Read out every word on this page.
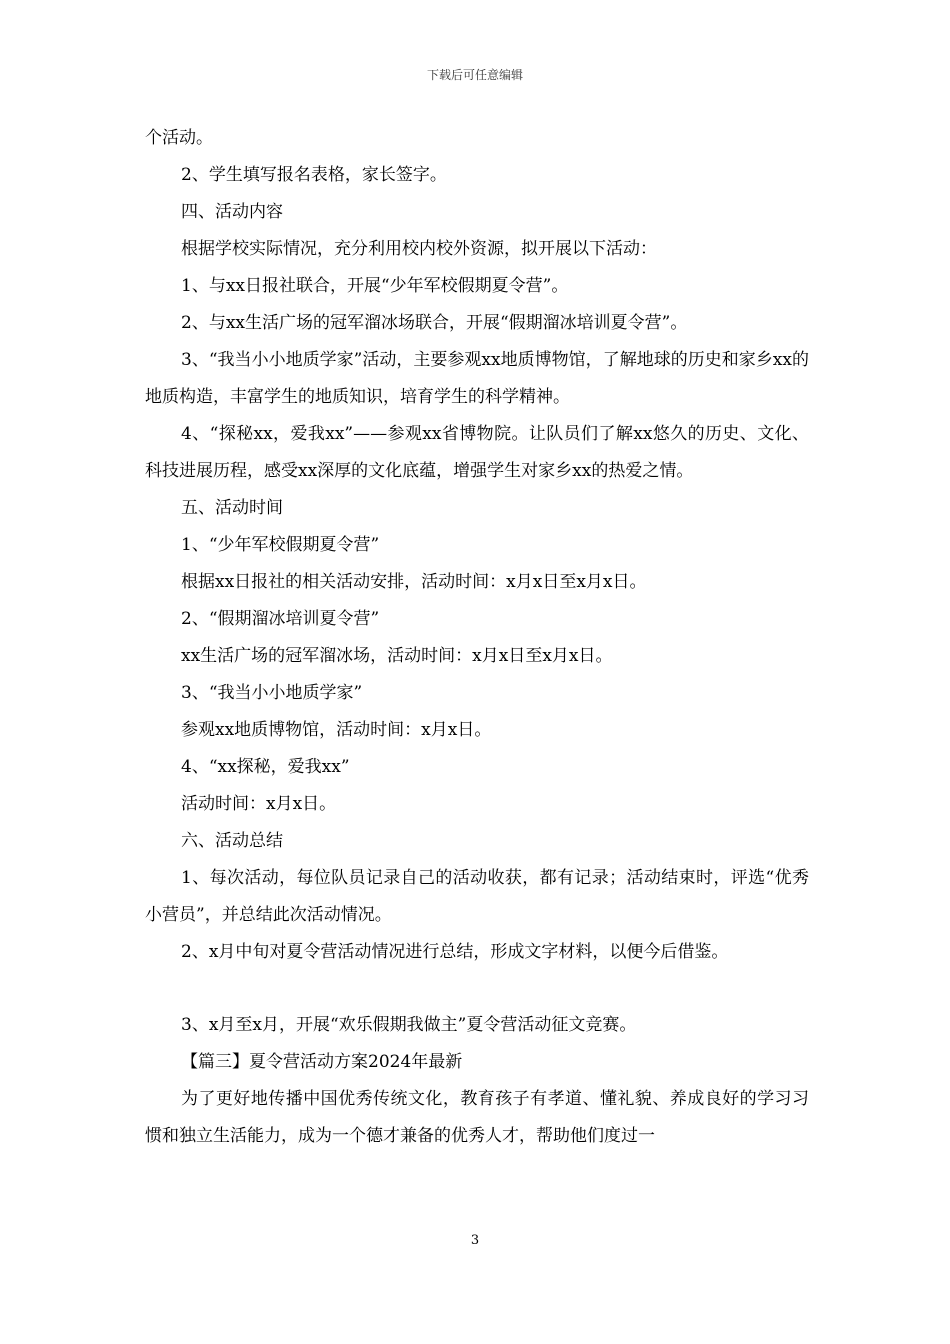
下载后可任意编辑

个活动。

2、学生填写报名表格，家长签字。

四、活动内容

根据学校实际情况，充分利用校内校外资源，拟开展以下活动：

1、与xx日报社联合，开展“少年军校假期夏令营”。

2、与xx生活广场的冠军溜冰场联合，开展“假期溜冰培训夏令营”。

3、“我当小小地质学家”活动，主要参观xx地质博物馆，了解地球的历史和家乡xx的地质构造，丰富学生的地质知识，培育学生的科学精神。

4、“探秘xx，爱我xx”——参观xx省博物院。让队员们了解xx悠久的历史、文化、科技进展历程，感受xx深厚的文化底蕴，增强学生对家乡xx的热爱之情。

五、活动时间

1、“少年军校假期夏令营”

根据xx日报社的相关活动安排，活动时间：x月x日至x月x日。

2、“假期溜冰培训夏令营”

xx生活广场的冠军溜冰场，活动时间：x月x日至x月x日。

3、“我当小小地质学家”

参观xx地质博物馆，活动时间：x月x日。

4、“xx探秘，爱我xx”

活动时间：x月x日。

六、活动总结

1、每次活动，每位队员记录自己的活动收获，都有记录；活动结束时，评选“优秀小营员”，并总结此次活动情况。

2、x月中旬对夏令营活动情况进行总结，形成文字材料，以便今后借鉴。

3、x月至x月，开展“欢乐假期我做主”夏令营活动征文竞赛。

【篇三】夏令营活动方案2024年最新

为了更好地传播中国优秀传统文化，教育孩子有孝道、懂礼貌、养成良好的学习习惯和独立生活能力，成为一个德才兼备的优秀人才，帮助他们度过一

3
